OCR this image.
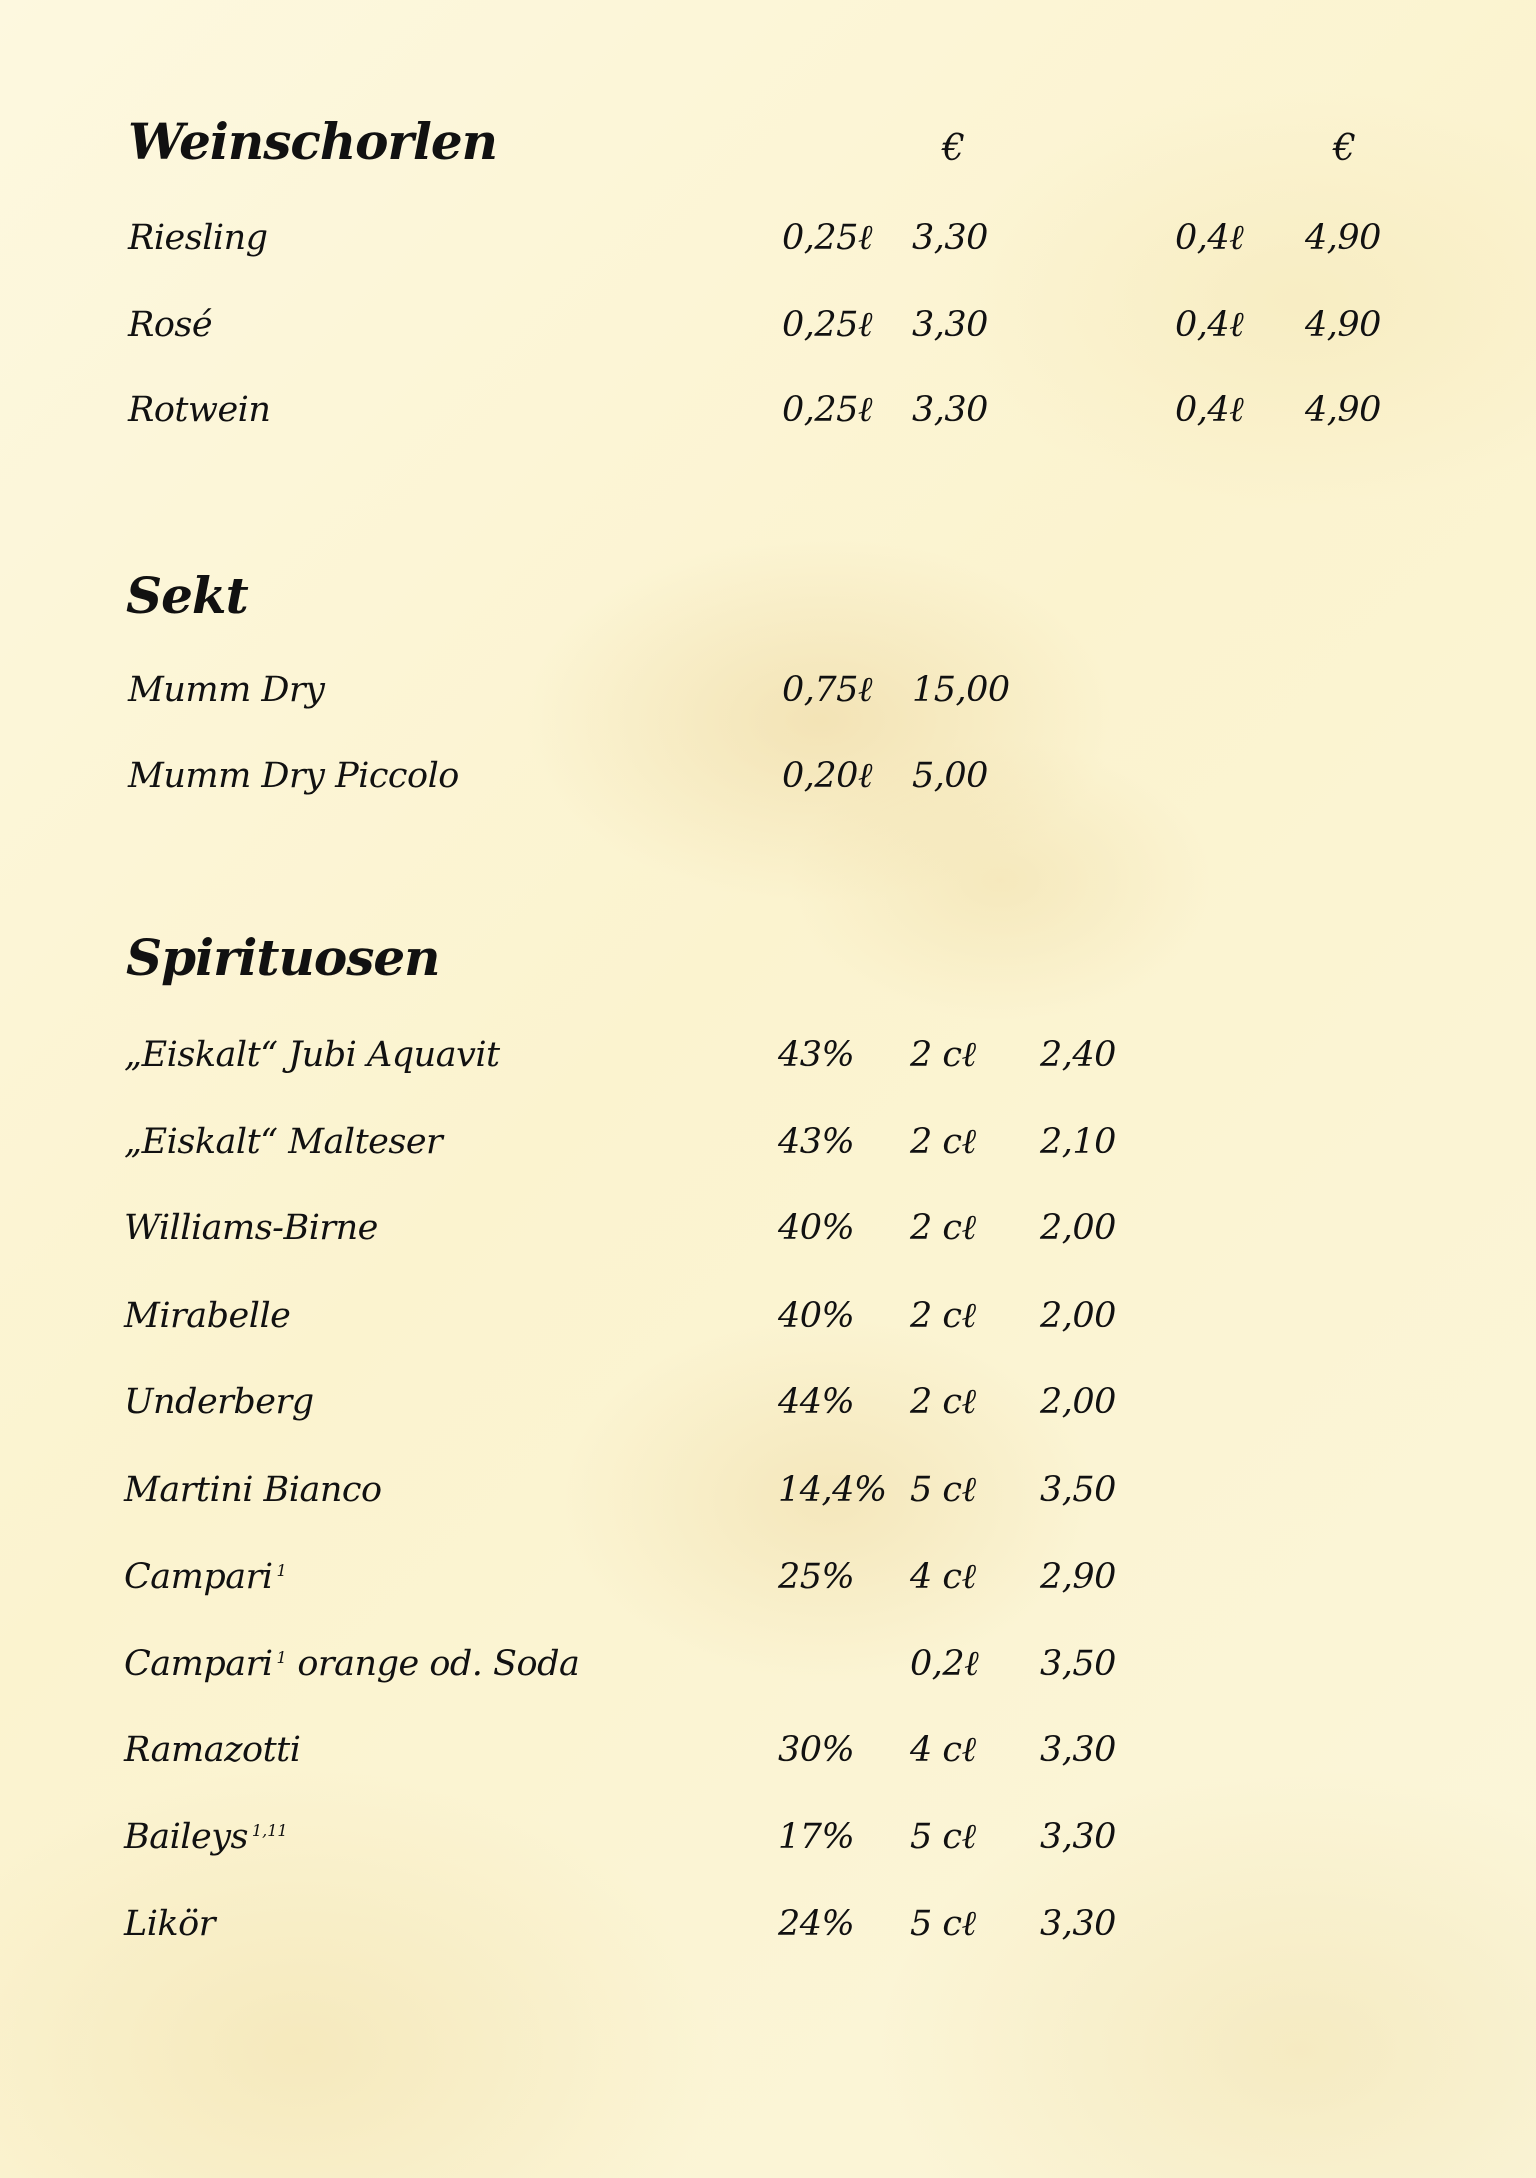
Weinschorlen	€	€
Riesling	0,25ℓ 3,30	0,4ℓ 4,90
Rosé	0,25ℓ 3,30	0,4ℓ 4,90
Rotwein	0,25ℓ 3,30	0,4ℓ 4,90
Sekt
Mumm Dry	0,75ℓ 15,00
Mumm Dry Piccolo	0,20ℓ 5,00
Spirituosen
„Eiskalt“ Jubi Aquavit	43% 2 cℓ 2,40
„Eiskalt“ Malteser	43% 2 cℓ 2,10
Williams-Birne	40% 2 cℓ 2,00
Mirabelle	40% 2 cℓ 2,00
Underberg	44% 2 cℓ 2,00
Martini Bianco	14,4% 5 cℓ 3,50
Campari $^1$	25% 4 cℓ 2,90
Campari $^1$ orange od. Soda	0,2ℓ 3,50
Ramazotti	30% 4 cℓ 3,30
Baileys $^{1,11}$	17% 5 cℓ 3,30
Likör	24% 5 cℓ 3,30
